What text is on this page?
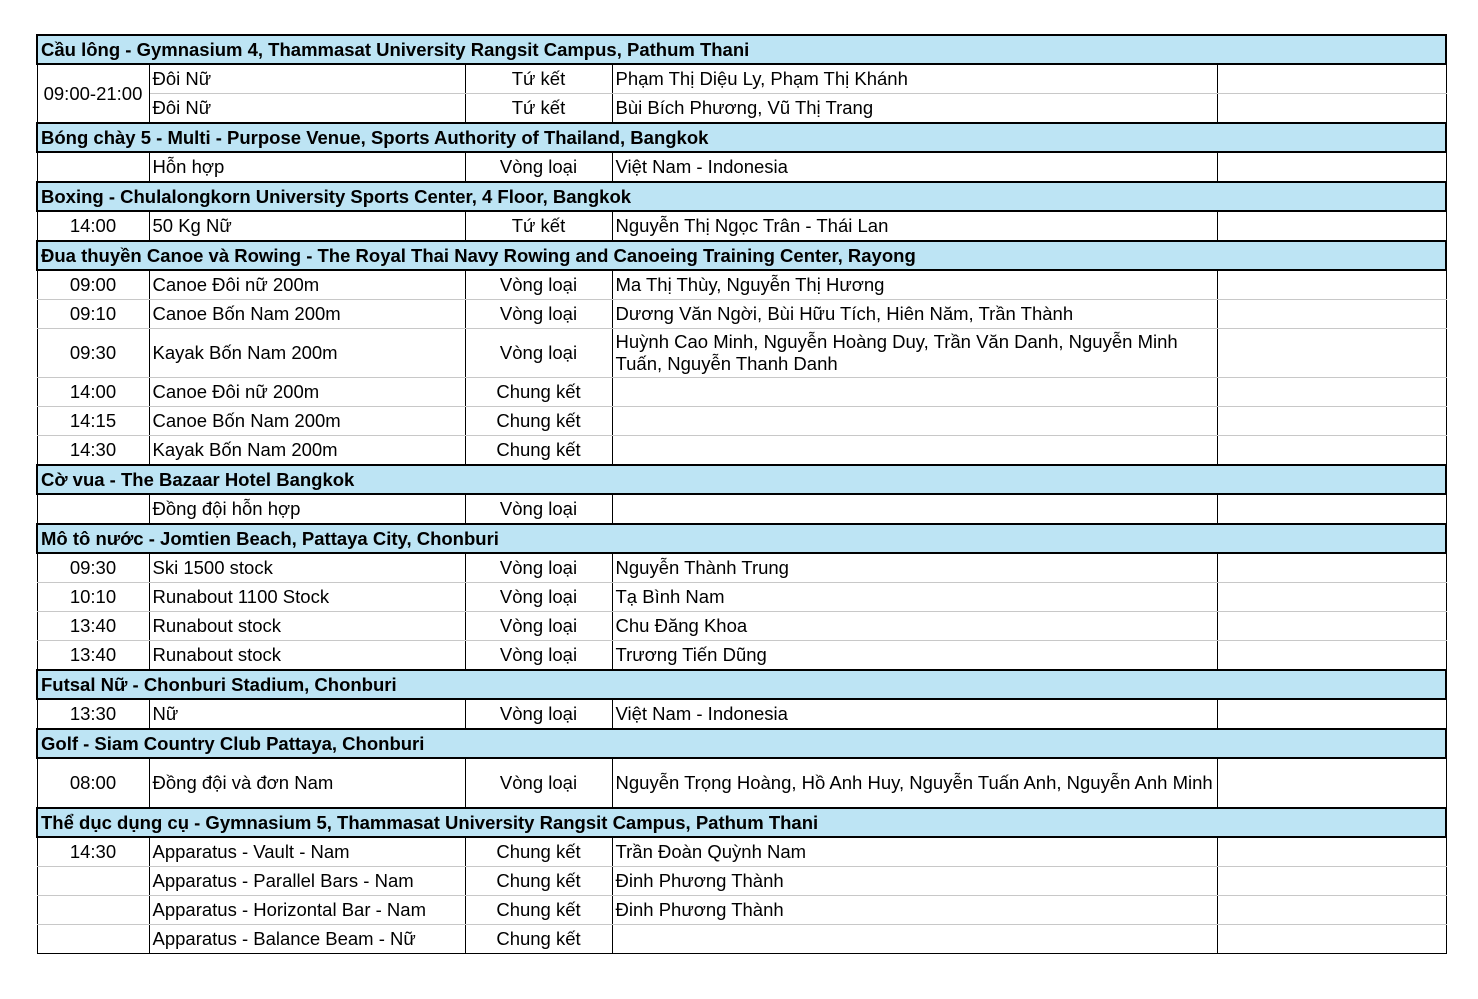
Cầu lông - Gymnasium 4, Thammasat University Rangsit Campus, Pathum Thani				
09:00-21:00	Đôi Nữ	Tứ kết	Phạm Thị Diệu Ly, Phạm Thị Khánh	
	Đôi Nữ	Tứ kết	Bùi Bích Phương, Vũ Thị Trang	
Bóng chày 5 - Multi - Purpose Venue, Sports Authority of Thailand, Bangkok				
	Hỗn hợp	Vòng loại	Việt Nam - Indonesia	
Boxing - Chulalongkorn University Sports Center, 4 Floor, Bangkok				
14:00	50 Kg Nữ	Tứ kết	Nguyễn Thị Ngọc Trân - Thái Lan	
Đua thuyền Canoe và Rowing - The Royal Thai Navy Rowing and Canoeing Training Center, Rayong				
09:00	Canoe Đôi nữ 200m	Vòng loại	Ma Thị Thùy, Nguyễn Thị Hương	
09:10	Canoe Bốn Nam 200m	Vòng loại	Dương Văn Ngời, Bùi Hữu Tích, Hiên Năm, Trần Thành	
09:30	Kayak Bốn Nam 200m	Vòng loại	Huỳnh Cao Minh, Nguyễn Hoàng Duy, Trần Văn Danh, Nguyễn Minh Tuấn, Nguyễn Thanh Danh	
14:00	Canoe Đôi nữ 200m	Chung kết		
14:15	Canoe Bốn Nam 200m	Chung kết		
14:30	Kayak Bốn Nam 200m	Chung kết		
Cờ vua - The Bazaar Hotel Bangkok				
	Đồng đội hỗn hợp	Vòng loại		
Mô tô nước - Jomtien Beach, Pattaya City, Chonburi				
09:30	Ski 1500 stock	Vòng loại	Nguyễn Thành Trung	
10:10	Runabout 1100 Stock	Vòng loại	Tạ Bình Nam	
13:40	Runabout stock	Vòng loại	Chu Đăng Khoa	
13:40	Runabout stock	Vòng loại	Trương Tiến Dũng	
Futsal Nữ - Chonburi Stadium, Chonburi				
13:30	Nữ	Vòng loại	Việt Nam - Indonesia	
Golf - Siam Country Club Pattaya, Chonburi				
08:00	Đồng đội và đơn Nam	Vòng loại	Nguyễn Trọng Hoàng, Hồ Anh Huy, Nguyễn Tuấn Anh, Nguyễn Anh Minh	
Thể dục dụng cụ - Gymnasium 5, Thammasat University Rangsit Campus, Pathum Thani				
14:30	Apparatus - Vault - Nam	Chung kết	Trần Đoàn Quỳnh Nam	
	Apparatus - Parallel Bars - Nam	Chung kết	Đinh Phương Thành	
	Apparatus - Horizontal Bar - Nam	Chung kết	Đinh Phương Thành	
	Apparatus - Balance Beam - Nữ	Chung kết		
